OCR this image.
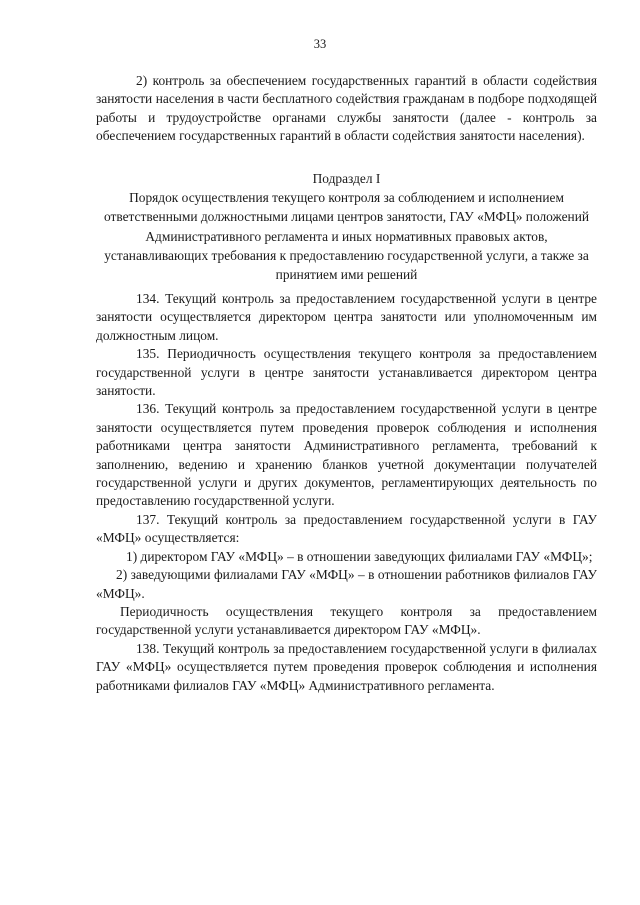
33

2) контроль за обеспечением государственных гарантий в области содействия занятости населения в части бесплатного содействия гражданам в подборе подходящей работы и трудоустройстве органами службы занятости (далее - контроль за обеспечением государственных гарантий в области содействия занятости населения).

Подраздел I
Порядок осуществления текущего контроля за соблюдением и исполнением ответственными должностными лицами центров занятости, ГАУ «МФЦ» положений Административного регламента и иных нормативных правовых актов, устанавливающих требования к предоставлению государственной услуги, а также за принятием ими решений

134. Текущий контроль за предоставлением государственной услуги в центре занятости осуществляется директором центра занятости или уполномоченным им должностным лицом.

135. Периодичность осуществления текущего контроля за предоставлением государственной услуги в центре занятости устанавливается директором центра занятости.

136. Текущий контроль за предоставлением государственной услуги в центре занятости осуществляется путем проведения проверок соблюдения и исполнения работниками центра занятости Административного регламента, требований к заполнению, ведению и хранению бланков учетной документации получателей государственной услуги и других документов, регламентирующих деятельность по предоставлению государственной услуги.

137. Текущий контроль за предоставлением государственной услуги в ГАУ «МФЦ» осуществляется:

1) директором ГАУ «МФЦ» – в отношении заведующих филиалами ГАУ «МФЦ»;

2) заведующими филиалами ГАУ «МФЦ» – в отношении работников филиалов ГАУ «МФЦ».

Периодичность осуществления текущего контроля за предоставлением государственной услуги устанавливается директором ГАУ «МФЦ».

138. Текущий контроль за предоставлением государственной услуги в филиалах ГАУ «МФЦ» осуществляется путем проведения проверок соблюдения и исполнения работниками филиалов ГАУ «МФЦ» Административного регламента.
